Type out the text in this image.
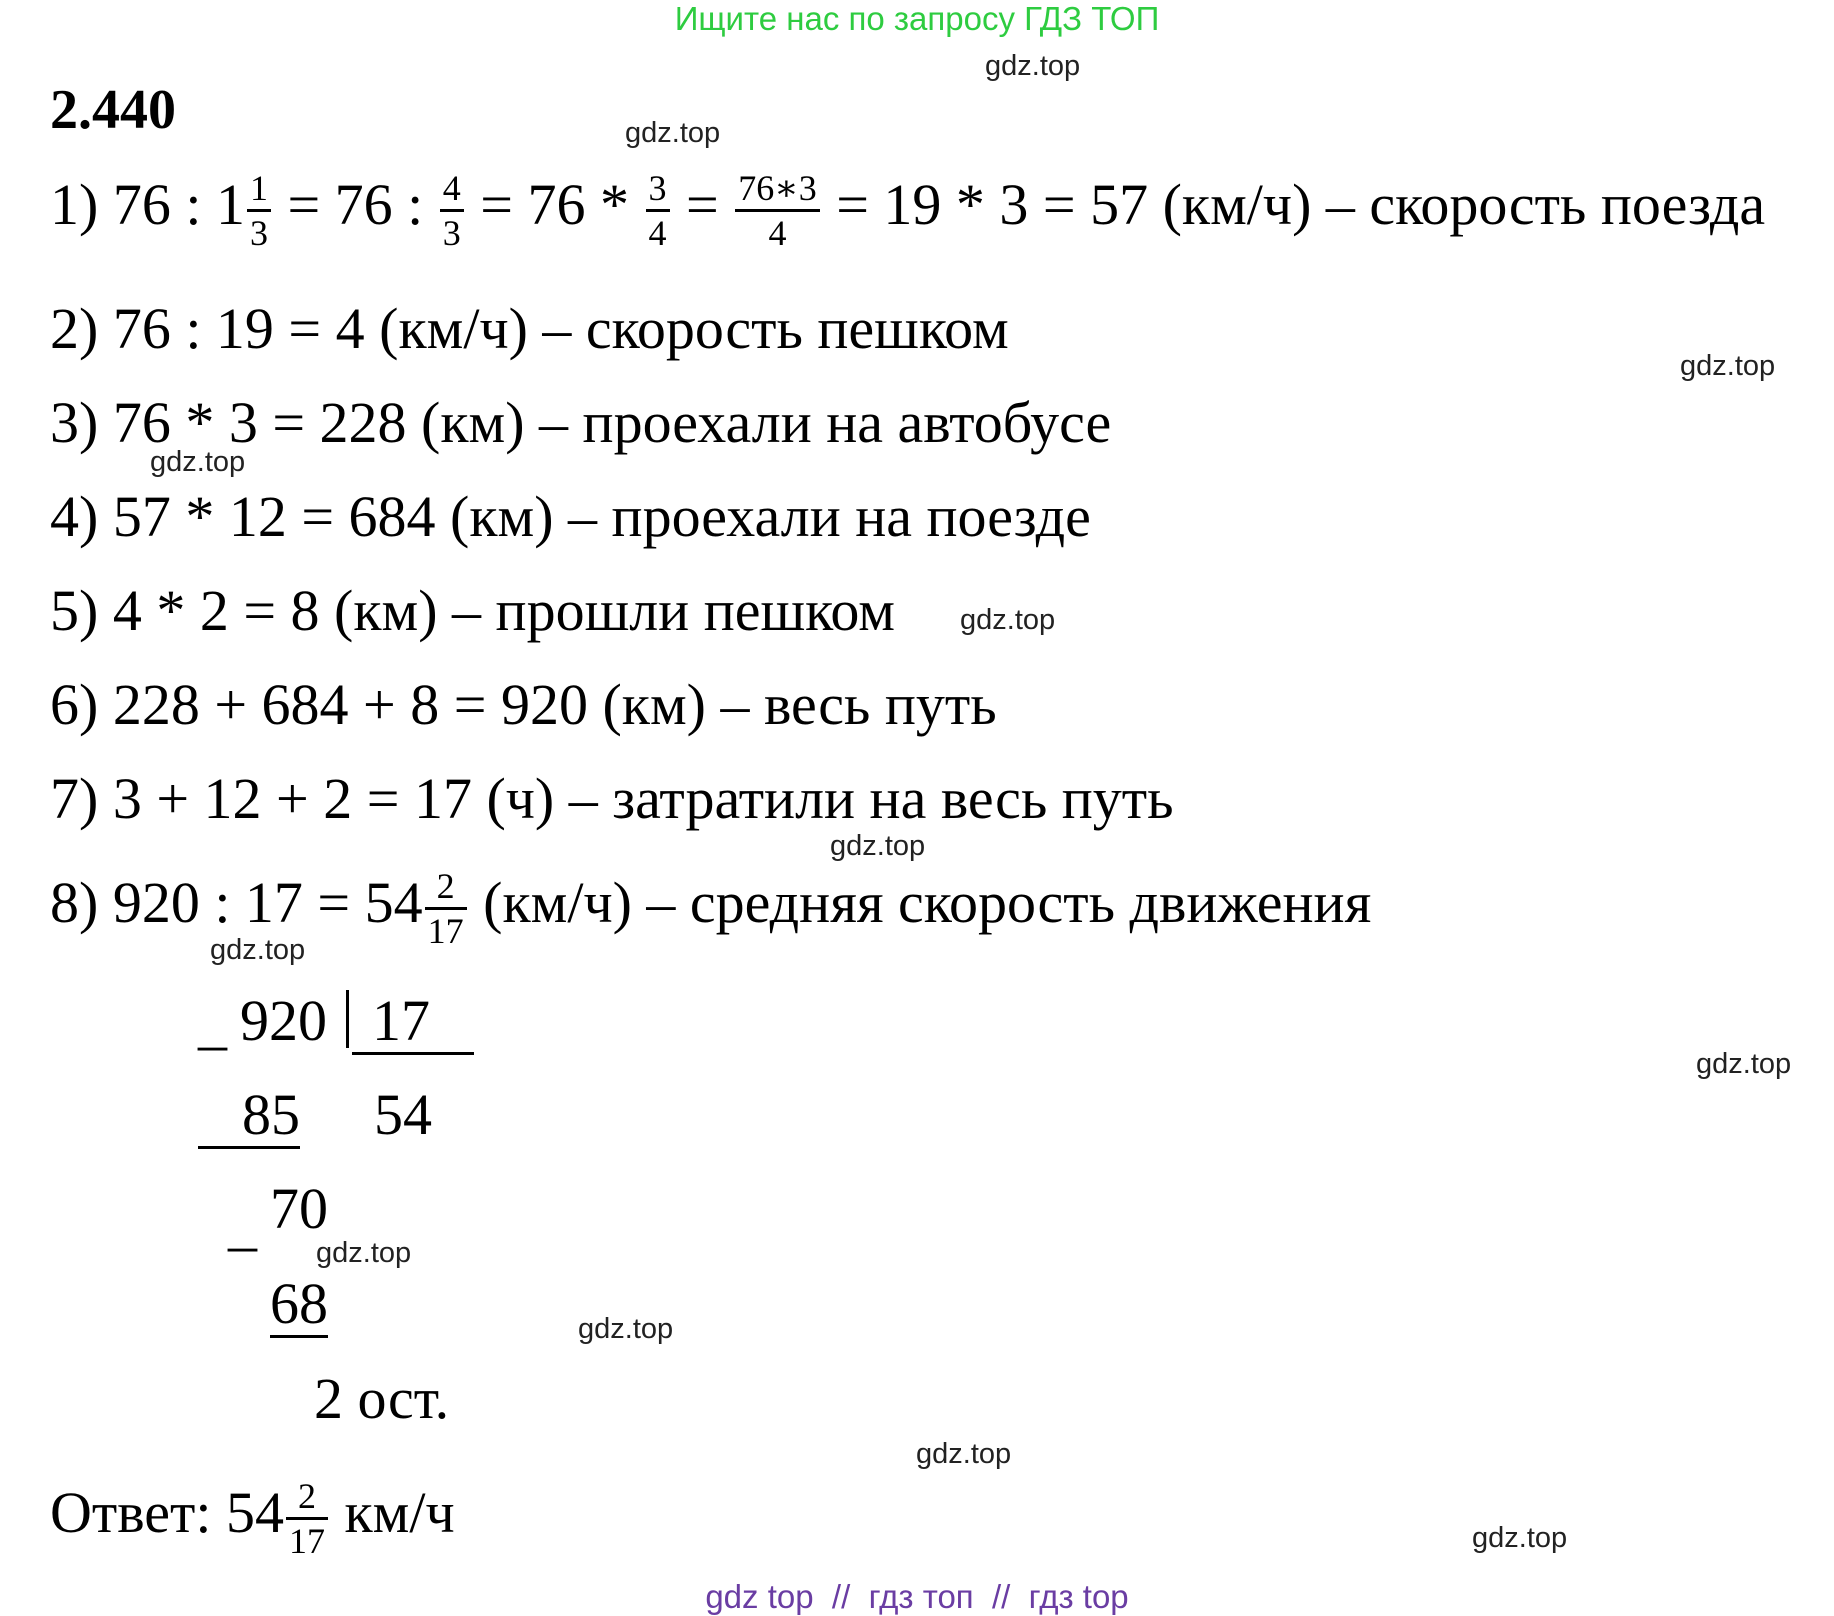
Ищите нас по запросу ГДЗ ТОП
2.440
1) 76 : $1 \frac{1}{3} = 76$ : $\frac{4}{3} = 76 * \frac{3}{4} = \frac{76∗3}{4} = 19 * 3 = 57$ (км/ч) – скорость поезда
2) 76 : 19 = 4 (км/ч) – скорость пешком
3) 76 * 3 = 228 (км) – проехали на автобусе
4) 57 * 12 = 684 (км) – проехали на поезде
5) 4 * 2 = 8 (км) – прошли пешком
6) 228 + 684 + 8 = 920 (км) – весь путь
7) 3 + 12 + 2 = 17 (ч) – затратили на весь путь
8) 920 : $17 = 54 \frac{2}{17} (км/ч)$ – средняя скорость движения
_ 920 17
85 54
_ 70
68
2 ост.
Ответ: $54 \frac{2}{17} км/ч$
gdz.top
gdz.top
gdz.top
gdz.top
gdz.top
gdz.top
gdz.top
gdz.top
gdz.top
gdz.top
gdz.top
gdz.top
gdz top  //  гдз топ  //  гдз top
